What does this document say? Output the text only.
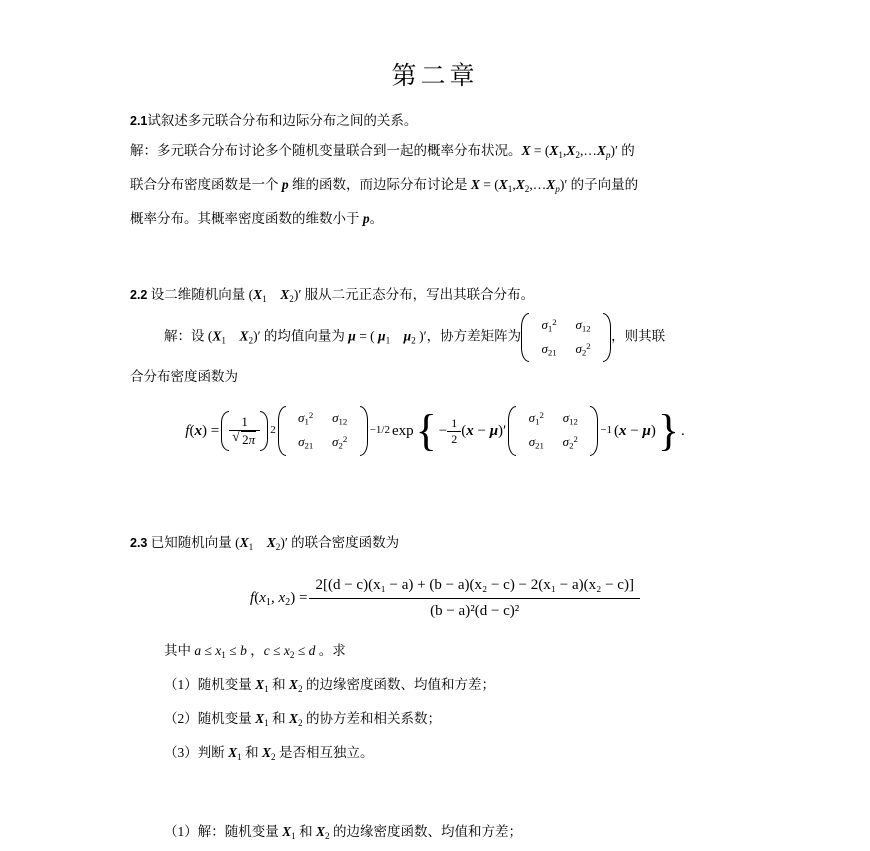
第二章

2.1试叙述多元联合分布和边际分布之间的关系。

解：多元联合分布讨论多个随机变量联合到一起的概率分布状况。$X = (X_1,X_2,\dots X_p)'$ 的

联合分布密度函数是一个 p 维的函数，而边际分布讨论是 $X = (X_1,X_2,\dots X_p)'$ 的子向量的

概率分布。其概率密度函数的维数小于 p。

2.2 设二维随机向量 ($X_1$ $X_2)'$ 服从二元正态分布，写出其联合分布。

解：设 ($X_1$ $X_2)'$ 的均值向量为 μ = ( $\mu_1$ $\mu_2$ )′，协方差矩阵为
$\sigma_1^2$ $\sigma_{12}$
$\sigma_{21}$ $\sigma_2^2$
，则其联

合分布密度函数为

f(x) = 1
√ 2π 2
$\sigma_1^2$ $\sigma_{12}$
$\sigma_{21}$ $\sigma_2^2$
−1/2 exp { − $\frac{1}{2} (x - \mu)'$
$\sigma_1^2$ $\sigma_{12}$
$\sigma_{21}$ $\sigma_2^2$
−1 (x − μ) } .

2.3 已知随机向量 ($X_1$ $X_2)'$ 的联合密度函数为

$f(x_1$, $x_2) = \frac{\text{2[(d − c)(x₁ − a) + (b − a)(x₂ − c) − 2(x₁ − a)(x₂ − c)]}}{\text{(b − a)²(d − c)²}}$

其中 $a \le x_1 \le b$ ，$c \le x_2 \le d$ 。求

（1）随机变量 $X_1$ 和 $X_2$ 的边缘密度函数、均值和方差；

（2）随机变量 $X_1$ 和 $X_2$ 的协方差和相关系数；

（3）判断 $X_1$ 和 $X_2$ 是否相互独立。

（1）解：随机变量 $X_1$ 和 $X_2$ 的边缘密度函数、均值和方差；
